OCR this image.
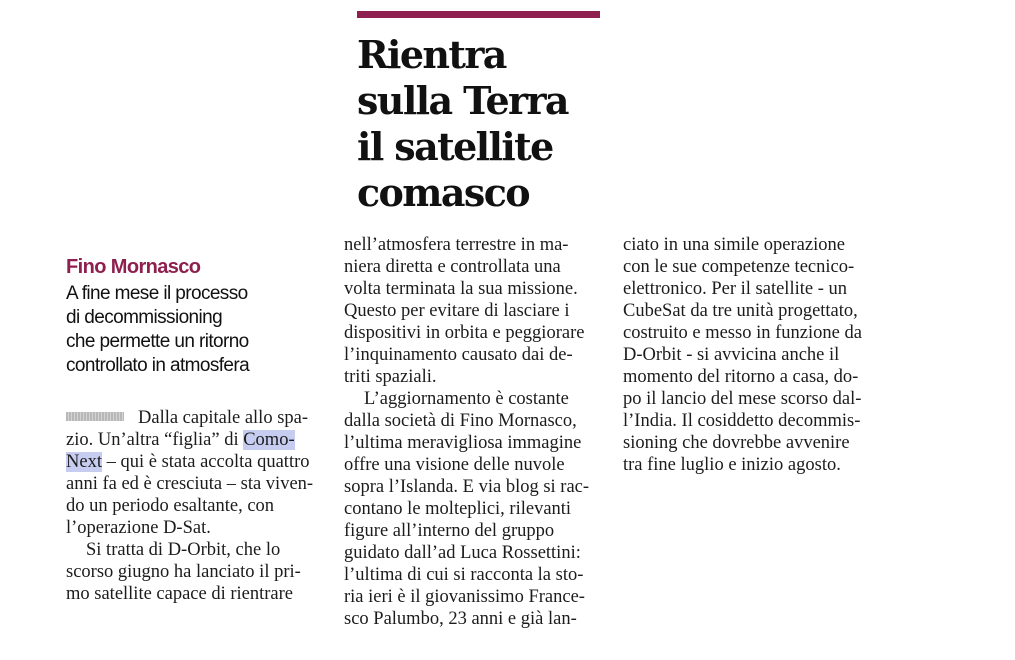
Rientra
sulla Terra
il satellite
comasco
Fino Mornasco
A fine mese il processo
di decommissioning
che permette un ritorno
controllato in atmosfera
Dalla capitale allo spa-
zio. Un’altra “figlia” di Como-
Next – qui è stata accolta quattro
anni fa ed è cresciuta – sta viven-
do un periodo esaltante, con
l’operazione D-Sat.
Si tratta di D-Orbit, che lo
scorso giugno ha lanciato il pri-
mo satellite capace di rientrare
nell’atmosfera terrestre in ma-
niera diretta e controllata una
volta terminata la sua missione.
Questo per evitare di lasciare i
dispositivi in orbita e peggiorare
l’inquinamento causato dai de-
triti spaziali.
L’aggiornamento è costante
dalla società di Fino Mornasco,
l’ultima meravigliosa immagine
offre una visione delle nuvole
sopra l’Islanda. E via blog si rac-
contano le molteplici, rilevanti
figure all’interno del gruppo
guidato dall’ad Luca Rossettini:
l’ultima di cui si racconta la sto-
ria ieri è il giovanissimo France-
sco Palumbo, 23 anni e già lan-
ciato in una simile operazione
con le sue competenze tecnico-
elettronico. Per il satellite - un
CubeSat da tre unità progettato,
costruito e messo in funzione da
D-Orbit - si avvicina anche il
momento del ritorno a casa, do-
po il lancio del mese scorso dal-
l’India. Il cosiddetto decommis-
sioning che dovrebbe avvenire
tra fine luglio e inizio agosto.
